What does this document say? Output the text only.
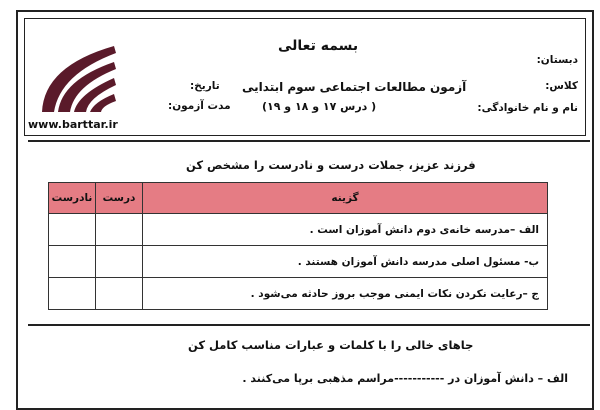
بسمه تعالی
آزمون مطالعات اجتماعی سوم ابتدایی
( درس ۱۷ و ۱۸ و ۱۹)
دبستان:
کلاس:
نام و نام خانوادگی:
تاریخ:
مدت آزمون:
www.barttar.ir
فرزند عزیز، جملات درست و نادرست را مشخص کن
گزینه	درست	نادرست
الف –مدرسه خانه‌ی دوم دانش آموزان است .		
ب- مسئول اصلی مدرسه دانش آموزان هستند .		
ج –رعایت نکردن نکات ایمنی موجب بروز حادثه می‌شود .		
جاهای خالی را با کلمات و عبارات مناسب کامل کن
الف – دانش آموزان در -----------مراسم مذهبی برپا می‌کنند .
